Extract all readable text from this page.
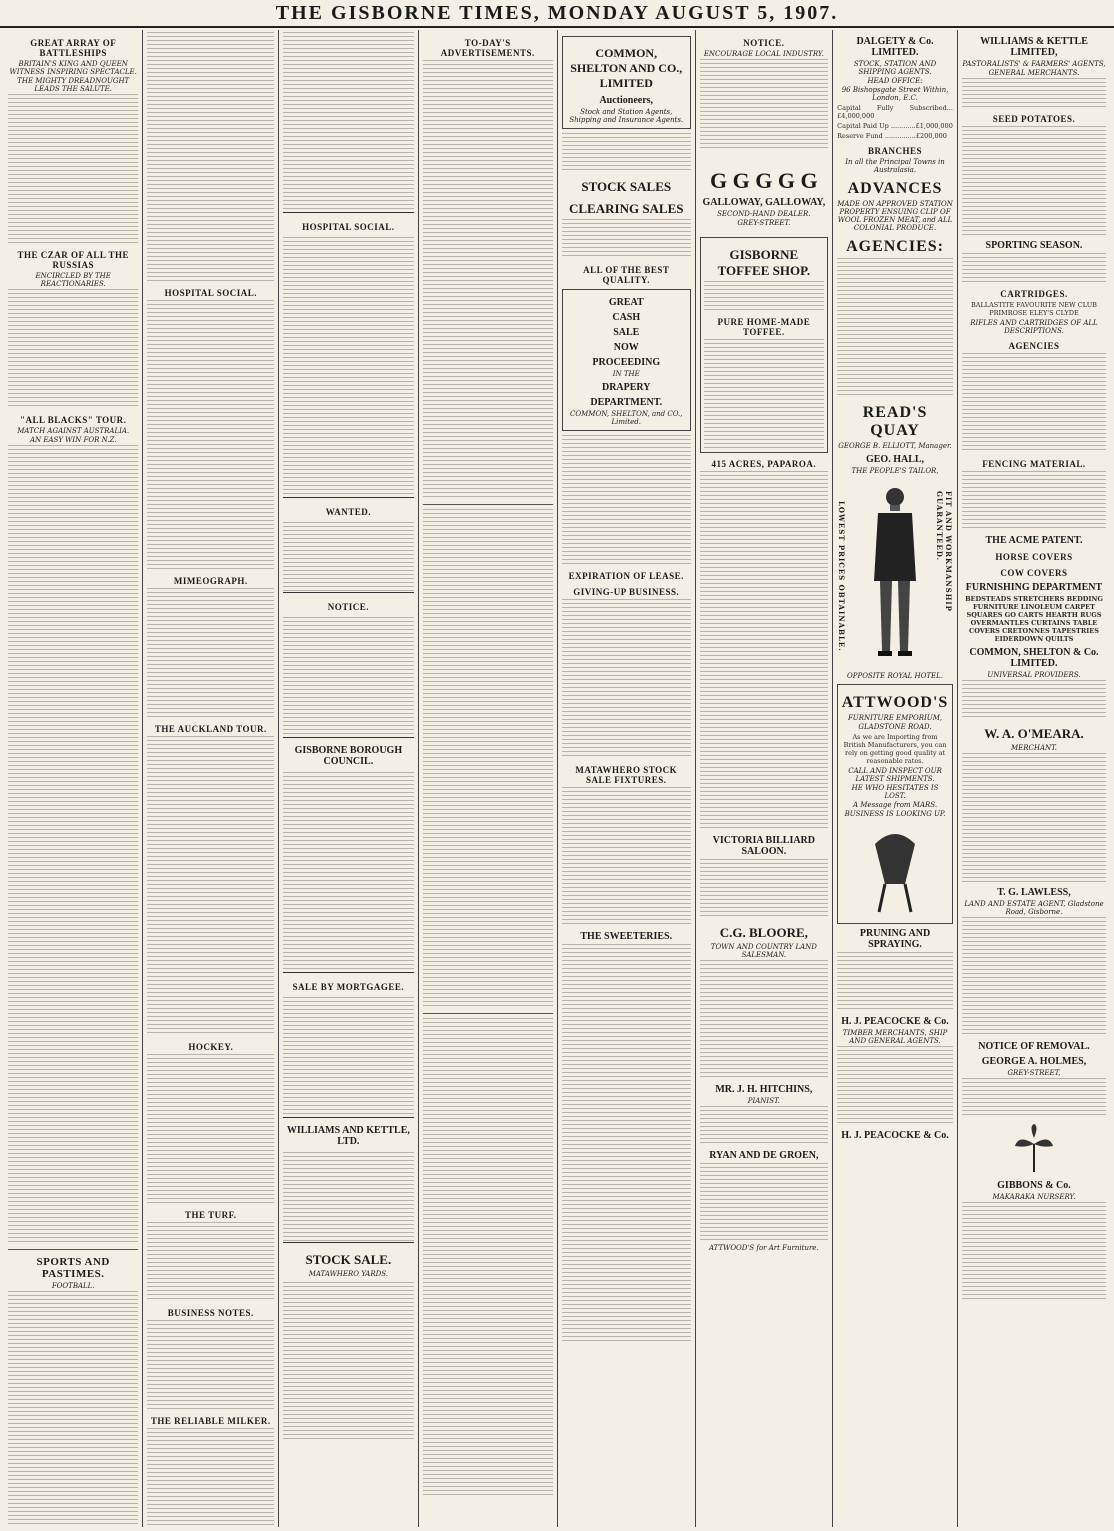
THE GISBORNE TIMES, MONDAY AUGUST 5, 1907.
GREAT ARRAY OF BATTLESHIPS
BRITAIN'S KING AND QUEEN WITNESS INSPIRING SPECTACLE.
THE MIGHTY DREADNOUGHT LEADS THE SALUTE.
THE CZAR OF ALL THE RUSSIAS
ENCIRCLED BY THE REACTIONARIES.
"ALL BLACKS" TOUR.
MATCH AGAINST AUSTRALIA.
AN EASY WIN FOR N.Z.
SPORTS AND PASTIMES.
FOOTBALL.
HOSPITAL SOCIAL.
MIMEOGRAPH.
THE AUCKLAND TOUR.
HOCKEY.
THE TURF.
BUSINESS NOTES.
THE RELIABLE MILKER.
HOSPITAL SOCIAL.
WANTED.
NOTICE.
GISBORNE BOROUGH COUNCIL.
SALE BY MORTGAGEE.
WILLIAMS AND KETTLE, LTD.
STOCK SALE.
MATAWHERO YARDS.
TO-DAY'S ADVERTISEMENTS.	COMMON, SHELTON AND CO., LIMITED
Auctioneers,
Stock and Station Agents, Shipping and Insurance Agents.
STOCK SALES
CLEARING SALES
ALL OF THE BEST QUALITY.
GREAT
CASH
SALE
NOW
PROCEEDING
IN THE
DRAPERY
DEPARTMENT.
COMMON, SHELTON, and CO., Limited.
EXPIRATION OF LEASE.
GIVING-UP BUSINESS.
MATAWHERO STOCK SALE FIXTURES.
THE SWEETERIES.
NOTICE.
ENCOURAGE LOCAL INDUSTRY.
G G G G G
GALLOWAY, GALLOWAY,
SECOND-HAND DEALER.
GREY-STREET.
GISBORNE TOFFEE SHOP.
PURE HOME-MADE TOFFEE.
415 ACRES, PAPAROA.
VICTORIA BILLIARD SALOON.
C.G. BLOORE,
TOWN AND COUNTRY LAND SALESMAN.
MR. J. H. HITCHINS,
PIANIST.
RYAN AND DE GROEN,
ATTWOOD'S for Art Furniture.
DALGETY & Co. LIMITED.
STOCK, STATION AND SHIPPING AGENTS.
HEAD OFFICE:
96 Bishopsgate Street Within, London, E.C.
Capital Fully Subscribed...£4,000,000
Capital Paid Up ............£1,000,000
Reserve Fund ...............£200,000
BRANCHES
In all the Principal Towns in Australasia.
ADVANCES
MADE ON APPROVED STATION PROPERTY ENSUING CLIP OF WOOL FROZEN MEAT, and ALL COLONIAL PRODUCE.
AGENCIES:
READ'S QUAY
GEORGE B. ELLIOTT, Manager.
GEO. HALL,
THE PEOPLE'S TAILOR,
LOWEST PRICES OBTAINABLE.	FIT AND WORKMANSHIP GUARANTEED.
OPPOSITE ROYAL HOTEL.
ATTWOOD'S
FURNITURE EMPORIUM,
GLADSTONE ROAD.
As we are Importing from British Manufacturers, you can rely on getting good quality at reasonable rates.
CALL AND INSPECT OUR LATEST SHIPMENTS.
HE WHO HESITATES IS LOST.
A Message from MARS.
BUSINESS IS LOOKING UP.
PRUNING AND SPRAYING.
H. J. PEACOCKE & Co.
TIMBER MERCHANTS, SHIP AND GENERAL AGENTS.
H. J. PEACOCKE & Co.
WILLIAMS & KETTLE LIMITED,
PASTORALISTS' & FARMERS' AGENTS,
GENERAL MERCHANTS.
SEED POTATOES.
SPORTING SEASON.
CARTRIDGES.
BALLASTITE FAVOURITE NEW CLUB PRIMROSE ELEY'S CLYDE
RIFLES AND CARTRIDGES OF ALL DESCRIPTIONS.
AGENCIES
FENCING MATERIAL.
THE ACME PATENT.
HORSE COVERS
COW COVERS
FURNISHING DEPARTMENT
BEDSTEADS STRETCHERS BEDDING FURNITURE LINOLEUM CARPET SQUARES GO CARTS HEARTH RUGS OVERMANTLES CURTAINS TABLE COVERS CRETONNES TAPESTRIES EIDERDOWN QUILTS
COMMON, SHELTON & Co. LIMITED.
UNIVERSAL PROVIDERS.
W. A. O'MEARA.
MERCHANT.
T. G. LAWLESS,
LAND AND ESTATE AGENT, Gladstone Road, Gisborne.
NOTICE OF REMOVAL.
GEORGE A. HOLMES,
GREY-STREET,
GIBBONS & Co.
MAKARAKA NURSERY.
